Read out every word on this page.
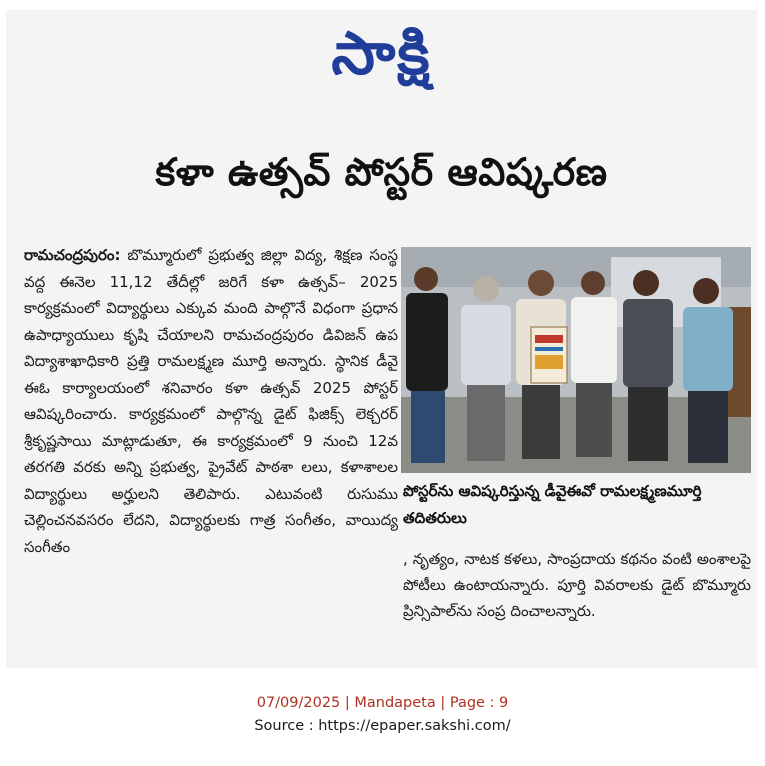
సాక్షి
కళా ఉత్సవ్ పోస్టర్ ఆవిష్కరణ
రామచంద్రపురం: బొమ్మూరులో ప్రభుత్వ జిల్లా విద్య, శిక్షణ సంస్థ వద్ద ఈనెల 11,12 తేదీల్లో జరిగే కళా ఉత్సవ్– 2025 కార్యక్రమంలో విద్యార్థులు ఎక్కువ మంది పాల్గొనే విధంగా ప్రధాన ఉపాధ్యాయులు కృషి చేయాలని రామచంద్రపురం డివిజన్ ఉప విద్యాశాఖాధికారి ప్రత్తి రామలక్ష్మణ మూర్తి అన్నారు. స్థానిక డీవై ఈఓ కార్యాలయంలో శనివారం కళా ఉత్సవ్ 2025 పోస్టర్ ఆవిష్కరించారు. కార్యక్రమంలో పాల్గొన్న డైట్ ఫిజిక్స్ లెక్చరర్ శ్రీకృష్ణసాయి మాట్లాడుతూ, ఈ కార్యక్రమంలో 9 నుంచి 12వ తరగతి వరకు అన్ని ప్రభుత్వ, ప్రైవేట్ పాఠశా లలు, కళాశాలల విద్యార్థులు అర్హులని తెలిపారు. ఎటువంటి రుసుము చెల్లించనవసరం లేదని, విద్యార్థులకు గాత్ర సంగీతం, వాయిద్య సంగీతం
పోస్టర్‌ను ఆవిష్కరిస్తున్న డీవైఈవో రామలక్ష్మణమూర్తి తదితరులు
, నృత్యం, నాటక కళలు, సాంప్రదాయ కథనం వంటి అంశాలపై పోటీలు ఉంటాయన్నారు. పూర్తి వివరాలకు డైట్ బొమ్మూరు ప్రిన్సిపాల్‌ను సంప్ర దించాలన్నారు.
07/09/2025 | Mandapeta | Page : 9
Source : https://epaper.sakshi.com/
